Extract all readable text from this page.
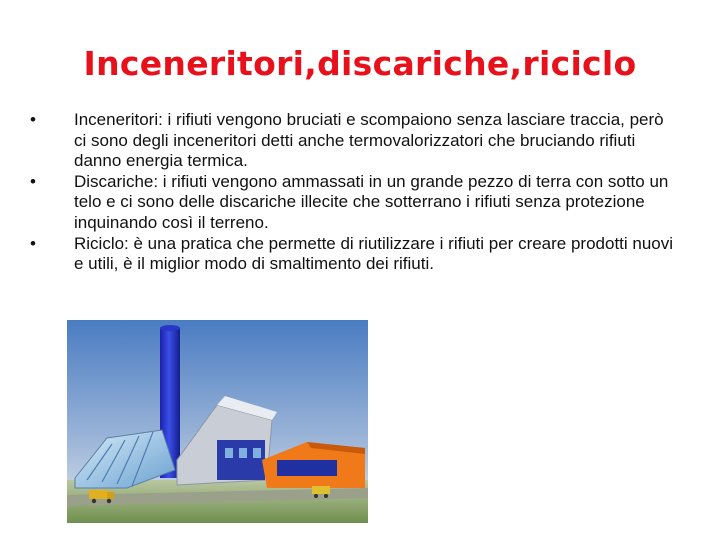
Inceneritori,discariche,riciclo
•	Inceneritori: i rifiuti vengono bruciati e scompaiono senza lasciare traccia, però ci sono degli inceneritori detti anche termovalorizzatori che bruciando rifiuti danno energia termica.
•	Discariche: i rifiuti vengono ammassati in un grande pezzo di terra con sotto un telo e ci sono delle discariche illecite che sotterrano i rifiuti senza protezione inquinando così il terreno.
•	Riciclo: è una pratica che permette di riutilizzare i rifiuti per creare prodotti nuovi e utili, è il miglior modo di smaltimento dei rifiuti.
